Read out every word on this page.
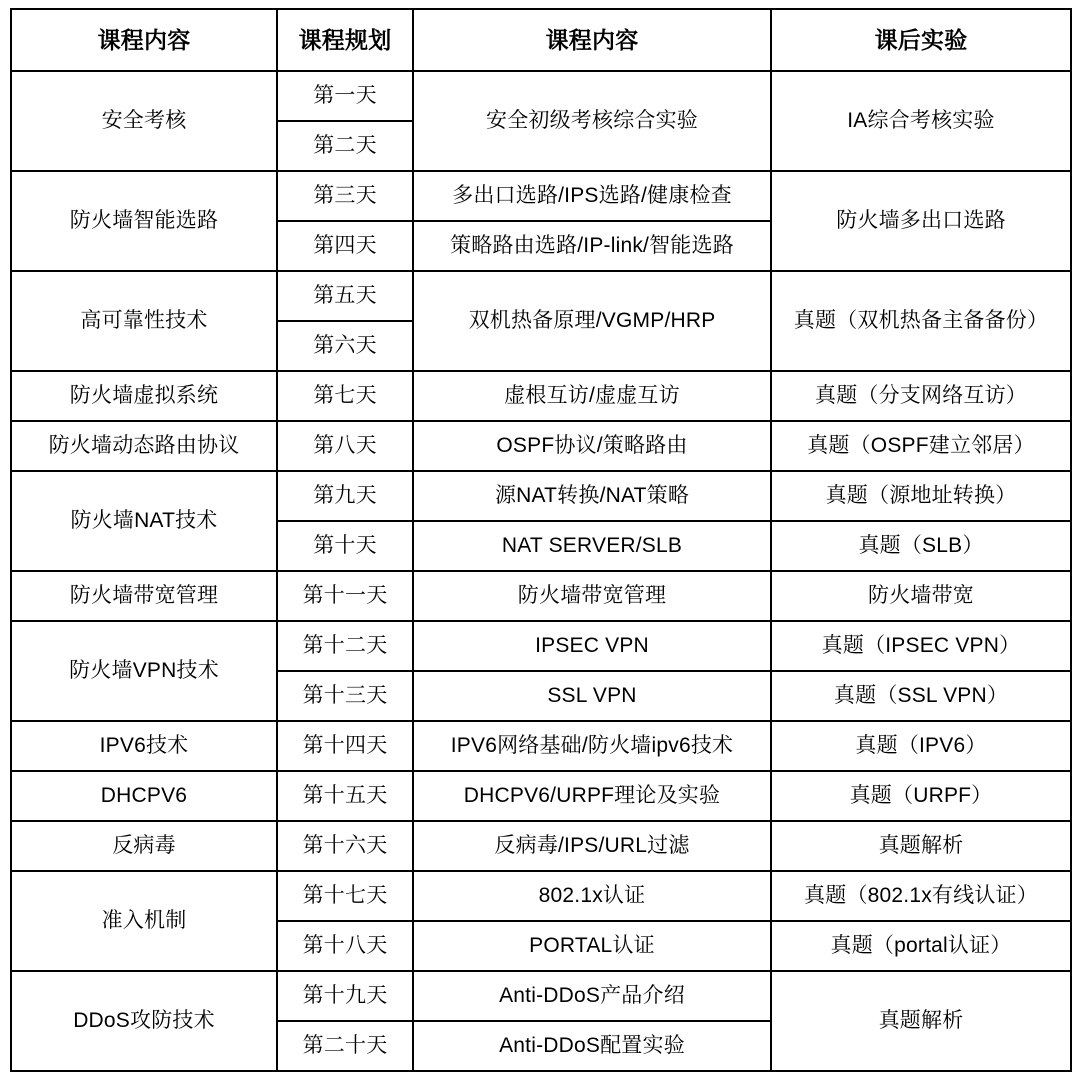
课程内容	课程规划	课程内容	课后实验
安全考核	第一天	安全初级考核综合实验	IA综合考核实验
	第二天		
防火墙智能选路	第三天	多出口选路/IPS选路/健康检查	防火墙多出口选路
	第四天	策略路由选路/IP-link/智能选路	
高可靠性技术	第五天	双机热备原理/VGMP/HRP	真题（双机热备主备备份）
	第六天		
防火墙虚拟系统	第七天	虚根互访/虚虚互访	真题（分支网络互访）
防火墙动态路由协议	第八天	OSPF协议/策略路由	真题（OSPF建立邻居）
防火墙NAT技术	第九天	源NAT转换/NAT策略	真题（源地址转换）
	第十天	NAT SERVER/SLB	真题（SLB）
防火墙带宽管理	第十一天	防火墙带宽管理	防火墙带宽
防火墙VPN技术	第十二天	IPSEC VPN	真题（IPSEC VPN）
	第十三天	SSL VPN	真题（SSL VPN）
IPV6技术	第十四天	IPV6网络基础/防火墙ipv6技术	真题（IPV6）
DHCPV6	第十五天	DHCPV6/URPF理论及实验	真题（URPF）
反病毒	第十六天	反病毒/IPS/URL过滤	真题解析
准入机制	第十七天	802.1x认证	真题（802.1x有线认证）
	第十八天	PORTAL认证	真题（portal认证）
DDoS攻防技术	第十九天	Anti-DDoS产品介绍	真题解析
	第二十天	Anti-DDoS配置实验	
